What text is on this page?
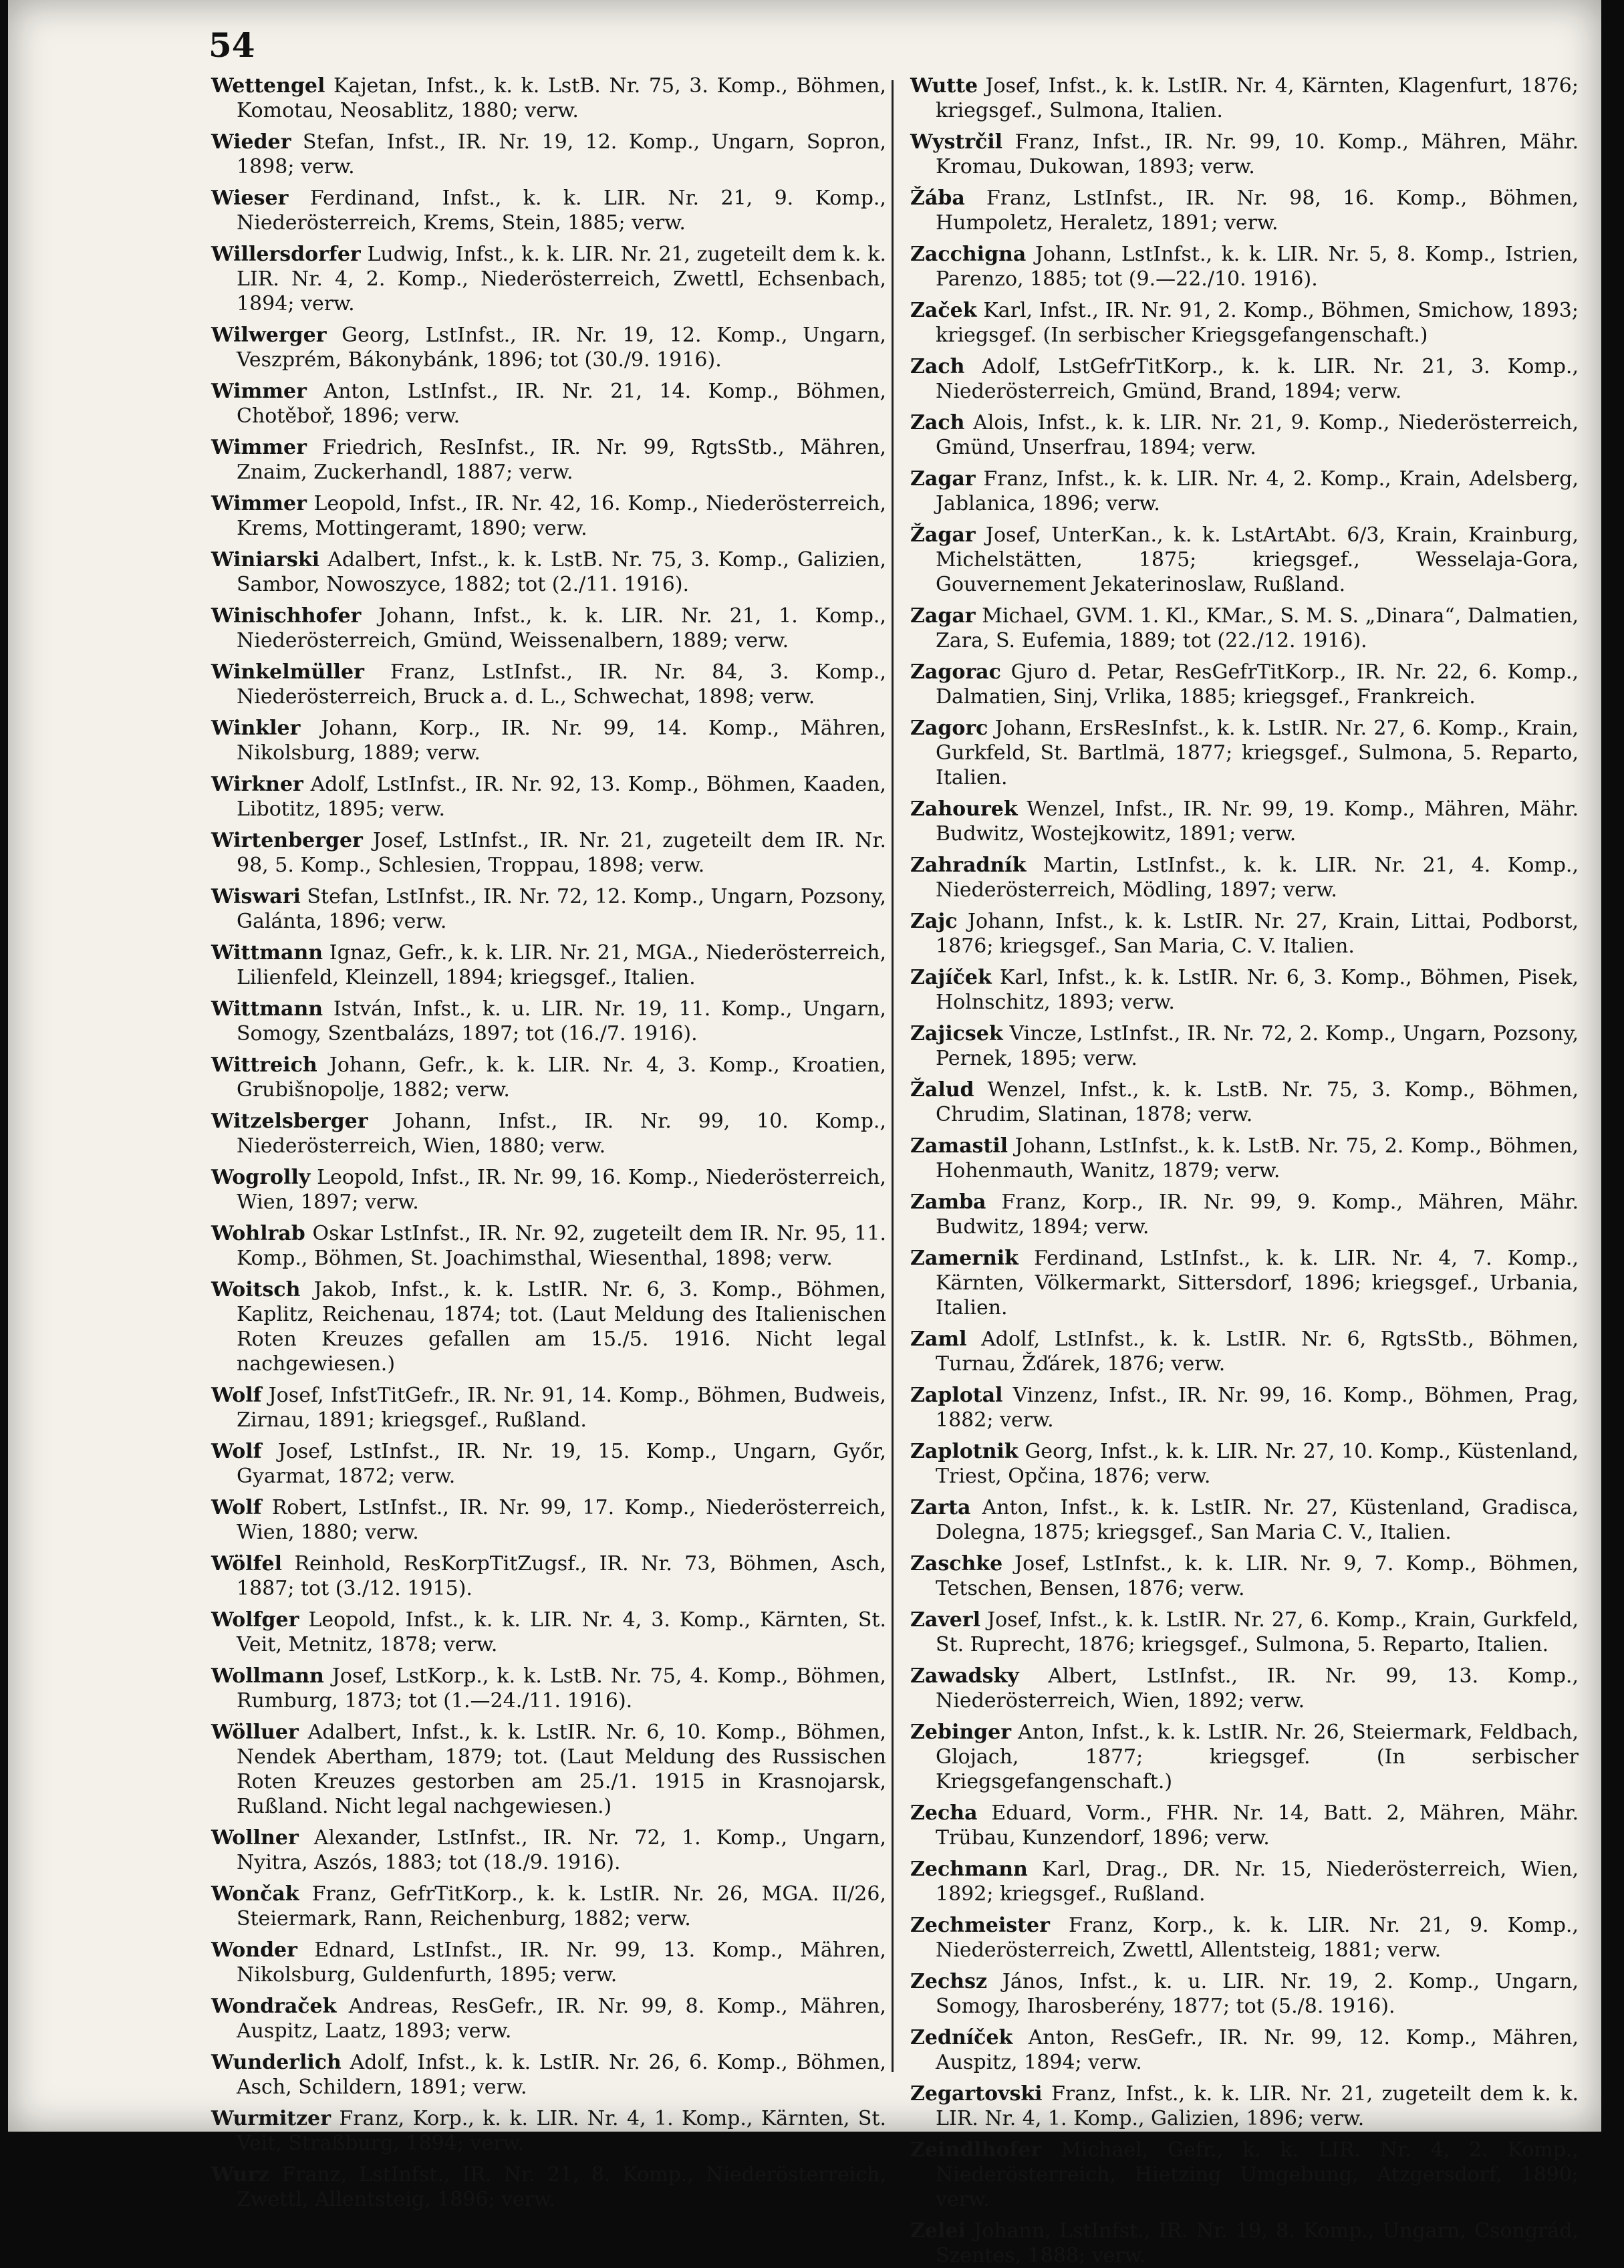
54

Wettengel Kajetan, Infst., k. k. LstB. Nr. 75, 3. Komp., Böhmen, Komotau, Neosablitz, 1880; verw.

Wieder Stefan, Infst., IR. Nr. 19, 12. Komp., Ungarn, Sopron, 1898; verw.

Wieser Ferdinand, Infst., k. k. LIR. Nr. 21, 9. Komp., Niederösterreich, Krems, Stein, 1885; verw.

Willersdorfer Ludwig, Infst., k. k. LIR. Nr. 21, zugeteilt dem k. k. LIR. Nr. 4, 2. Komp., Niederösterreich, Zwettl, Echsenbach, 1894; verw.

Wilwerger Georg, LstInfst., IR. Nr. 19, 12. Komp., Ungarn, Veszprém, Bákonybánk, 1896; tot (30./9. 1916).

Wimmer Anton, LstInfst., IR. Nr. 21, 14. Komp., Böhmen, Chotěboř, 1896; verw.

Wimmer Friedrich, ResInfst., IR. Nr. 99, RgtsStb., Mähren, Znaim, Zuckerhandl, 1887; verw.

Wimmer Leopold, Infst., IR. Nr. 42, 16. Komp., Niederösterreich, Krems, Mottingeramt, 1890; verw.

Winiarski Adalbert, Infst., k. k. LstB. Nr. 75, 3. Komp., Galizien, Sambor, Nowoszyce, 1882; tot (2./11. 1916).

Winischhofer Johann, Infst., k. k. LIR. Nr. 21, 1. Komp., Niederösterreich, Gmünd, Weissenalbern, 1889; verw.

Winkelmüller Franz, LstInfst., IR. Nr. 84, 3. Komp., Niederösterreich, Bruck a. d. L., Schwechat, 1898; verw.

Winkler Johann, Korp., IR. Nr. 99, 14. Komp., Mähren, Nikolsburg, 1889; verw.

Wirkner Adolf, LstInfst., IR. Nr. 92, 13. Komp., Böhmen, Kaaden, Libotitz, 1895; verw.

Wirtenberger Josef, LstInfst., IR. Nr. 21, zugeteilt dem IR. Nr. 98, 5. Komp., Schlesien, Troppau, 1898; verw.

Wiswari Stefan, LstInfst., IR. Nr. 72, 12. Komp., Ungarn, Pozsony, Galánta, 1896; verw.

Wittmann Ignaz, Gefr., k. k. LIR. Nr. 21, MGA., Niederösterreich, Lilienfeld, Kleinzell, 1894; kriegsgef., Italien.

Wittmann István, Infst., k. u. LIR. Nr. 19, 11. Komp., Ungarn, Somogy, Szentbalázs, 1897; tot (16./7. 1916).

Wittreich Johann, Gefr., k. k. LIR. Nr. 4, 3. Komp., Kroatien, Grubišnopolje, 1882; verw.

Witzelsberger Johann, Infst., IR. Nr. 99, 10. Komp., Niederösterreich, Wien, 1880; verw.

Wogrolly Leopold, Infst., IR. Nr. 99, 16. Komp., Niederösterreich, Wien, 1897; verw.

Wohlrab Oskar LstInfst., IR. Nr. 92, zugeteilt dem IR. Nr. 95, 11. Komp., Böhmen, St. Joachimsthal, Wiesenthal, 1898; verw.

Woitsch Jakob, Infst., k. k. LstIR. Nr. 6, 3. Komp., Böhmen, Kaplitz, Reichenau, 1874; tot. (Laut Meldung des Italienischen Roten Kreuzes gefallen am 15./5. 1916. Nicht legal nachgewiesen.)

Wolf Josef, InfstTitGefr., IR. Nr. 91, 14. Komp., Böhmen, Budweis, Zirnau, 1891; kriegsgef., Rußland.

Wolf Josef, LstInfst., IR. Nr. 19, 15. Komp., Ungarn, Győr, Gyarmat, 1872; verw.

Wolf Robert, LstInfst., IR. Nr. 99, 17. Komp., Niederösterreich, Wien, 1880; verw.

Wölfel Reinhold, ResKorpTitZugsf., IR. Nr. 73, Böhmen, Asch, 1887; tot (3./12. 1915).

Wolfger Leopold, Infst., k. k. LIR. Nr. 4, 3. Komp., Kärnten, St. Veit, Metnitz, 1878; verw.

Wollmann Josef, LstKorp., k. k. LstB. Nr. 75, 4. Komp., Böhmen, Rumburg, 1873; tot (1.—24./11. 1916).

Wölluer Adalbert, Infst., k. k. LstIR. Nr. 6, 10. Komp., Böhmen, Nendek Abertham, 1879; tot. (Laut Meldung des Russischen Roten Kreuzes gestorben am 25./1. 1915 in Krasnojarsk, Rußland. Nicht legal nachgewiesen.)

Wollner Alexander, LstInfst., IR. Nr. 72, 1. Komp., Ungarn, Nyitra, Aszós, 1883; tot (18./9. 1916).

Wončak Franz, GefrTitKorp., k. k. LstIR. Nr. 26, MGA. II/26, Steiermark, Rann, Reichenburg, 1882; verw.

Wonder Ednard, LstInfst., IR. Nr. 99, 13. Komp., Mähren, Nikolsburg, Guldenfurth, 1895; verw.

Wondraček Andreas, ResGefr., IR. Nr. 99, 8. Komp., Mähren, Auspitz, Laatz, 1893; verw.

Wunderlich Adolf, Infst., k. k. LstIR. Nr. 26, 6. Komp., Böhmen, Asch, Schildern, 1891; verw.

Wurmitzer Franz, Korp., k. k. LIR. Nr. 4, 1. Komp., Kärnten, St. Veit, Straßburg, 1894; verw.

Wurz Franz, LstInfst., IR. Nr. 21, 8. Komp., Niederösterreich, Zwettl, Allentsteig, 1896; verw.

Wutte Josef, Infst., k. k. LstIR. Nr. 4, Kärnten, Klagenfurt, 1876; kriegsgef., Sulmona, Italien.

Wystrčil Franz, Infst., IR. Nr. 99, 10. Komp., Mähren, Mähr. Kromau, Dukowan, 1893; verw.

Žába Franz, LstInfst., IR. Nr. 98, 16. Komp., Böhmen, Humpoletz, Heraletz, 1891; verw.

Zacchigna Johann, LstInfst., k. k. LIR. Nr. 5, 8. Komp., Istrien, Parenzo, 1885; tot (9.—22./10. 1916).

Začek Karl, Infst., IR. Nr. 91, 2. Komp., Böhmen, Smichow, 1893; kriegsgef. (In serbischer Kriegsgefangenschaft.)

Zach Adolf, LstGefrTitKorp., k. k. LIR. Nr. 21, 3. Komp., Niederösterreich, Gmünd, Brand, 1894; verw.

Zach Alois, Infst., k. k. LIR. Nr. 21, 9. Komp., Niederösterreich, Gmünd, Unserfrau, 1894; verw.

Zagar Franz, Infst., k. k. LIR. Nr. 4, 2. Komp., Krain, Adelsberg, Jablanica, 1896; verw.

Žagar Josef, UnterKan., k. k. LstArtAbt. 6/3, Krain, Krainburg, Michelstätten, 1875; kriegsgef., Wesselaja-Gora, Gouvernement Jekaterinoslaw, Rußland.

Zagar Michael, GVM. 1. Kl., KMar., S. M. S. „Dinara“, Dalmatien, Zara, S. Eufemia, 1889; tot (22./12. 1916).

Zagorac Gjuro d. Petar, ResGefrTitKorp., IR. Nr. 22, 6. Komp., Dalmatien, Sinj, Vrlika, 1885; kriegsgef., Frankreich.

Zagorc Johann, ErsResInfst., k. k. LstIR. Nr. 27, 6. Komp., Krain, Gurkfeld, St. Bartlmä, 1877; kriegsgef., Sulmona, 5. Reparto, Italien.

Zahourek Wenzel, Infst., IR. Nr. 99, 19. Komp., Mähren, Mähr. Budwitz, Wostejkowitz, 1891; verw.

Zahradník Martin, LstInfst., k. k. LIR. Nr. 21, 4. Komp., Niederösterreich, Mödling, 1897; verw.

Zajc Johann, Infst., k. k. LstIR. Nr. 27, Krain, Littai, Podborst, 1876; kriegsgef., San Maria, C. V. Italien.

Zajíček Karl, Infst., k. k. LstIR. Nr. 6, 3. Komp., Böhmen, Pisek, Holnschitz, 1893; verw.

Zajicsek Vincze, LstInfst., IR. Nr. 72, 2. Komp., Ungarn, Pozsony, Pernek, 1895; verw.

Žalud Wenzel, Infst., k. k. LstB. Nr. 75, 3. Komp., Böhmen, Chrudim, Slatinan, 1878; verw.

Zamastil Johann, LstInfst., k. k. LstB. Nr. 75, 2. Komp., Böhmen, Hohenmauth, Wanitz, 1879; verw.

Zamba Franz, Korp., IR. Nr. 99, 9. Komp., Mähren, Mähr. Budwitz, 1894; verw.

Zamernik Ferdinand, LstInfst., k. k. LIR. Nr. 4, 7. Komp., Kärnten, Völkermarkt, Sittersdorf, 1896; kriegsgef., Urbania, Italien.

Zaml Adolf, LstInfst., k. k. LstIR. Nr. 6, RgtsStb., Böhmen, Turnau, Žďárek, 1876; verw.

Zaplotal Vinzenz, Infst., IR. Nr. 99, 16. Komp., Böhmen, Prag, 1882; verw.

Zaplotnik Georg, Infst., k. k. LIR. Nr. 27, 10. Komp., Küstenland, Triest, Opčina, 1876; verw.

Zarta Anton, Infst., k. k. LstIR. Nr. 27, Küstenland, Gradisca, Dolegna, 1875; kriegsgef., San Maria C. V., Italien.

Zaschke Josef, LstInfst., k. k. LIR. Nr. 9, 7. Komp., Böhmen, Tetschen, Bensen, 1876; verw.

Zaverl Josef, Infst., k. k. LstIR. Nr. 27, 6. Komp., Krain, Gurkfeld, St. Ruprecht, 1876; kriegsgef., Sulmona, 5. Reparto, Italien.

Zawadsky Albert, LstInfst., IR. Nr. 99, 13. Komp., Niederösterreich, Wien, 1892; verw.

Zebinger Anton, Infst., k. k. LstIR. Nr. 26, Steiermark, Feldbach, Glojach, 1877; kriegsgef. (In serbischer Kriegsgefangenschaft.)

Zecha Eduard, Vorm., FHR. Nr. 14, Batt. 2, Mähren, Mähr. Trübau, Kunzendorf, 1896; verw.

Zechmann Karl, Drag., DR. Nr. 15, Niederösterreich, Wien, 1892; kriegsgef., Rußland.

Zechmeister Franz, Korp., k. k. LIR. Nr. 21, 9. Komp., Niederösterreich, Zwettl, Allentsteig, 1881; verw.

Zechsz János, Infst., k. u. LIR. Nr. 19, 2. Komp., Ungarn, Somogy, Iharosberény, 1877; tot (5./8. 1916).

Zedníček Anton, ResGefr., IR. Nr. 99, 12. Komp., Mähren, Auspitz, 1894; verw.

Zegartovski Franz, Infst., k. k. LIR. Nr. 21, zugeteilt dem k. k. LIR. Nr. 4, 1. Komp., Galizien, 1896; verw.

Zeindlhofer Michael, Gefr., k. k. LIR. Nr. 4, 2. Komp., Niederösterreich, Hietzing Umgebung, Atzgersdorf, 1890; verw.

Zelei Johann, LstInfst., IR. Nr. 19, 8. Komp., Ungarn, Csongrád, Szentes, 1888; verw.
